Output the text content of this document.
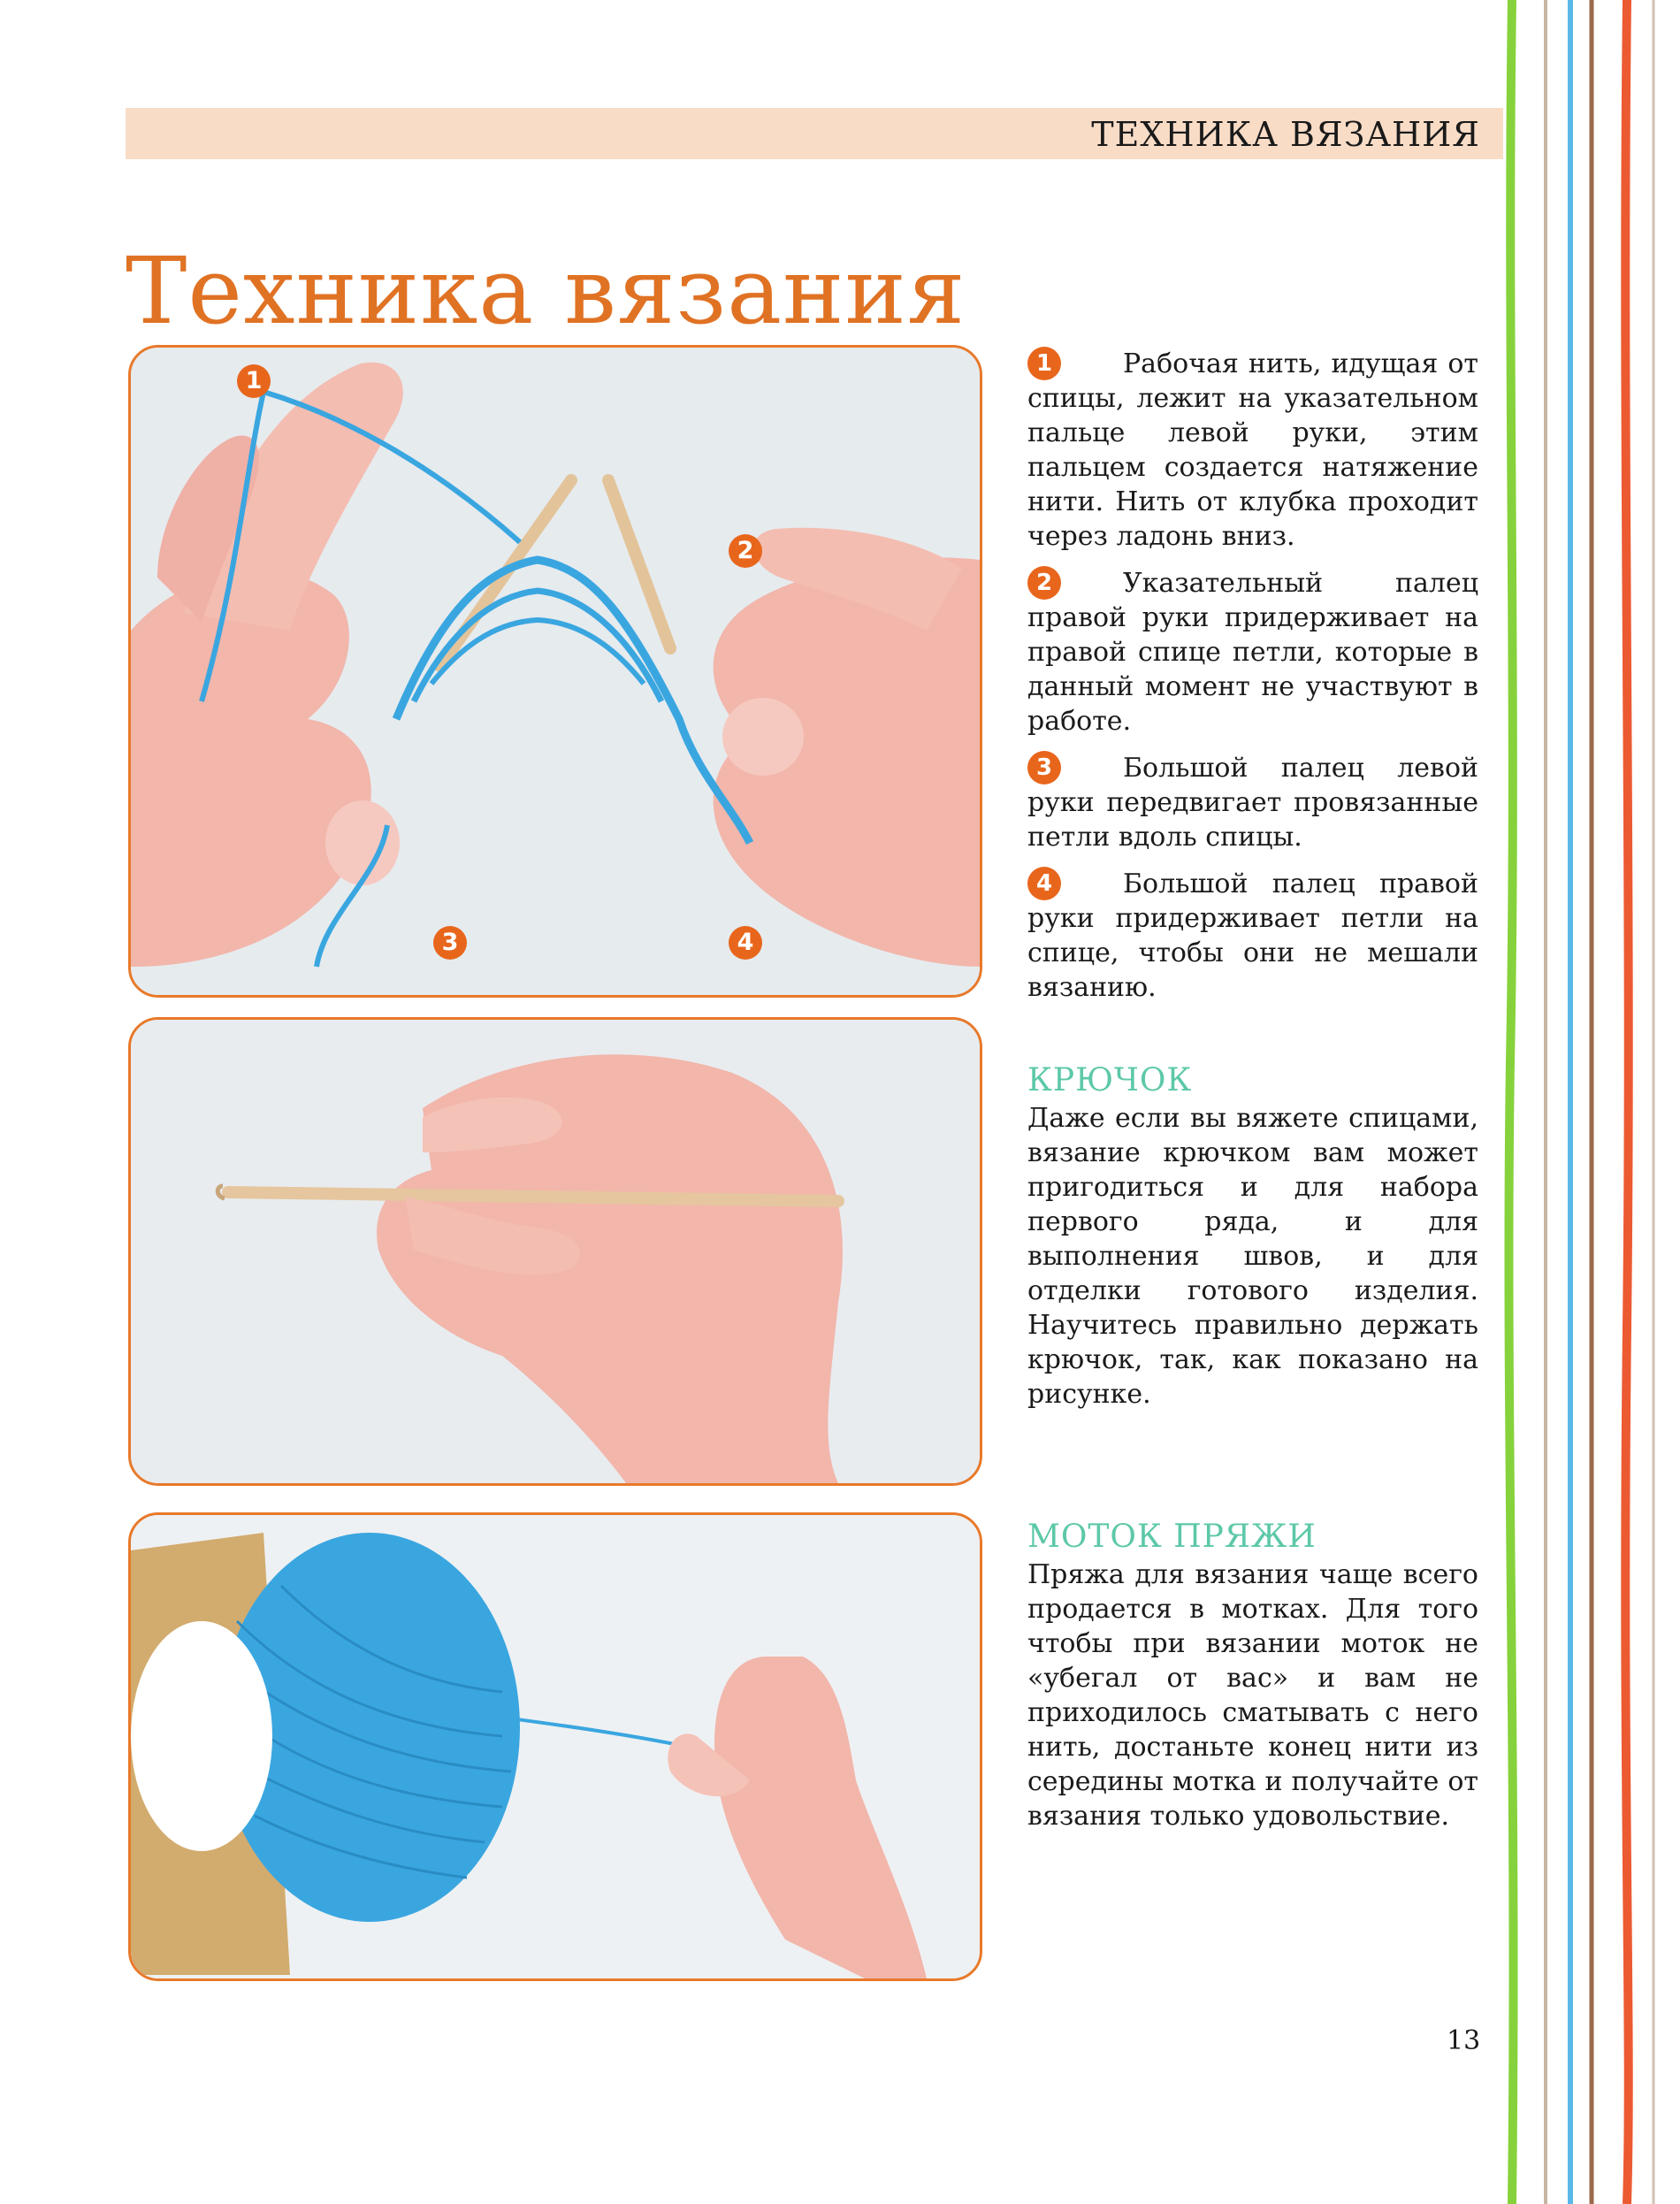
ТЕХНИКА ВЯЗАНИЯ
Техника вязания
1
2
3	4

1	Рабочая нить, идущая от спицы, лежит на указательном пальце левой руки, этим пальцем создается натяжение нити. Нить от клубка проходит через ладонь вниз.

2	Указательный палец правой руки придерживает на правой спице петли, которые в данный момент не участвуют в работе.

3	Большой палец левой руки передвигает провязанные петли вдоль спицы.

4	Большой палец правой руки придерживает петли на спице, чтобы они не мешали вязанию.

КРЮЧОК

Даже если вы вяжете спицами, вязание крючком вам может пригодиться и для набора первого ряда, и для выполнения швов, и для отделки готового изделия. Научитесь правильно держать крючок, так, как показано на рисунке.

МОТОК ПРЯЖИ

Пряжа для вязания чаще всего продается в мотках. Для того чтобы при вязании моток не «убегал от вас» и вам не приходилось сматывать с него нить, достаньте конец нити из середины мотка и получайте от вязания только удовольствие.

13
